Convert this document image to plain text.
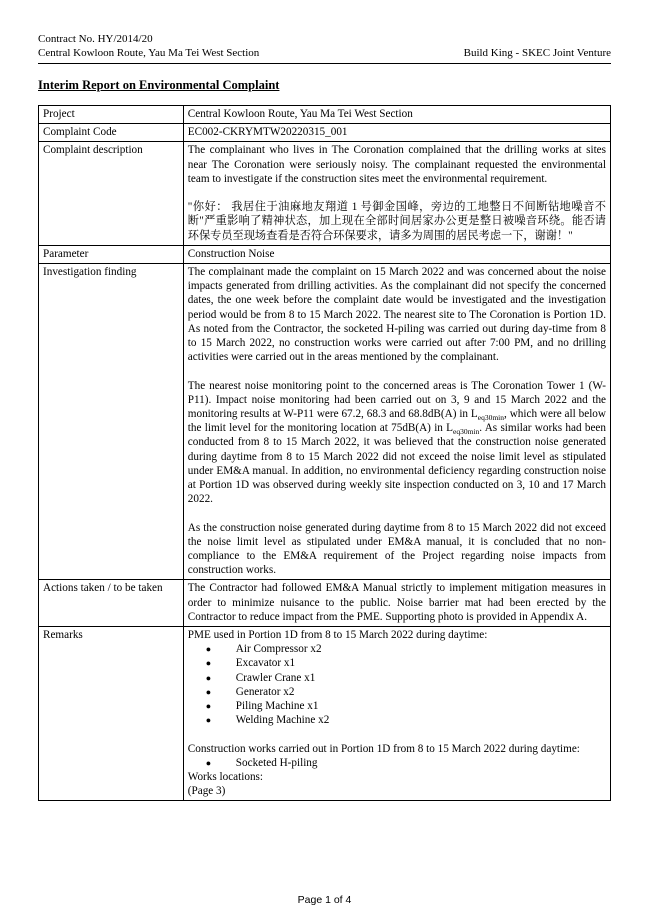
Contract No. HY/2014/20
Central Kowloon Route, Yau Ma Tei West Section	Build King - SKEC Joint Venture
Interim Report on Environmental Complaint
Project	Central Kowloon Route, Yau Ma Tei West Section
Complaint Code	EC002-CKRYMTW20220315_001
Complaint description	The complainant who lives in The Coronation complained that the drilling works at sites near The Coronation were seriously noisy. The complainant requested the environmental team to investigate if the construction sites meet the environmental requirement.

"你好： 我居住于油麻地友翔道 1 号御金国峰，旁边的工地整日不间断钻地噪音不断"严重影响了精神状态，加上现在全部时间居家办公更是整日被噪音环绕。能否请环保专员至现场查看是否符合环保要求，请多为周围的居民考虑一下，谢谢！"

Parameter	Construction Noise
Investigation finding	The complainant made the complaint on 15 March 2022 and was concerned about the noise impacts generated from drilling activities. As the complainant did not specify the concerned dates, the one week before the complaint date would be investigated and the investigation period would be from 8 to 15 March 2022. The nearest site to The Coronation is Portion 1D. As noted from the Contractor, the socketed H-piling was carried out during day-time from 8 to 15 March 2022, no construction works were carried out after 7:00 PM, and no drilling activities were carried out in the areas mentioned by the complainant.

The nearest noise monitoring point to the concerned areas is The Coronation Tower 1 (W-P11). Impact noise monitoring had been carried out on 3, 9 and 15 March 2022 and the monitoring results at W-P11 were 67.2, 68.3 and 68.8dB(A) in $L_{eq30min}$, which were all below the limit level for the monitoring location at 75dB(A) in $L_{eq30min}$. As similar works had been conducted from 8 to 15 March 2022, it was believed that the construction noise generated during daytime from 8 to 15 March 2022 did not exceed the noise limit level as stipulated under EM&A manual. In addition, no environmental deficiency regarding construction noise at Portion 1D was observed during weekly site inspection conducted on 3, 10 and 17 March 2022.

As the construction noise generated during daytime from 8 to 15 March 2022 did not exceed the noise limit level as stipulated under EM&A manual, it is concluded that no non-compliance to the EM&A requirement of the Project regarding noise impacts from construction works.

Actions taken / to be taken	The Contractor had followed EM&A Manual strictly to implement mitigation measures in order to minimize nuisance to the public. Noise barrier mat had been erected by the Contractor to reduce impact from the PME. Supporting photo is provided in Appendix A.
Remarks	PME used in Portion 1D from 8 to 15 March 2022 during daytime:

●	Air Compressor x2
●	Excavator x1
●	Crawler Crane x1
●	Generator x2
●	Piling Machine x1
●	Welding Machine x2

Construction works carried out in Portion 1D from 8 to 15 March 2022 during daytime:

●	Socketed H-piling

Works locations:

(Page 3)

Page 1 of 4
